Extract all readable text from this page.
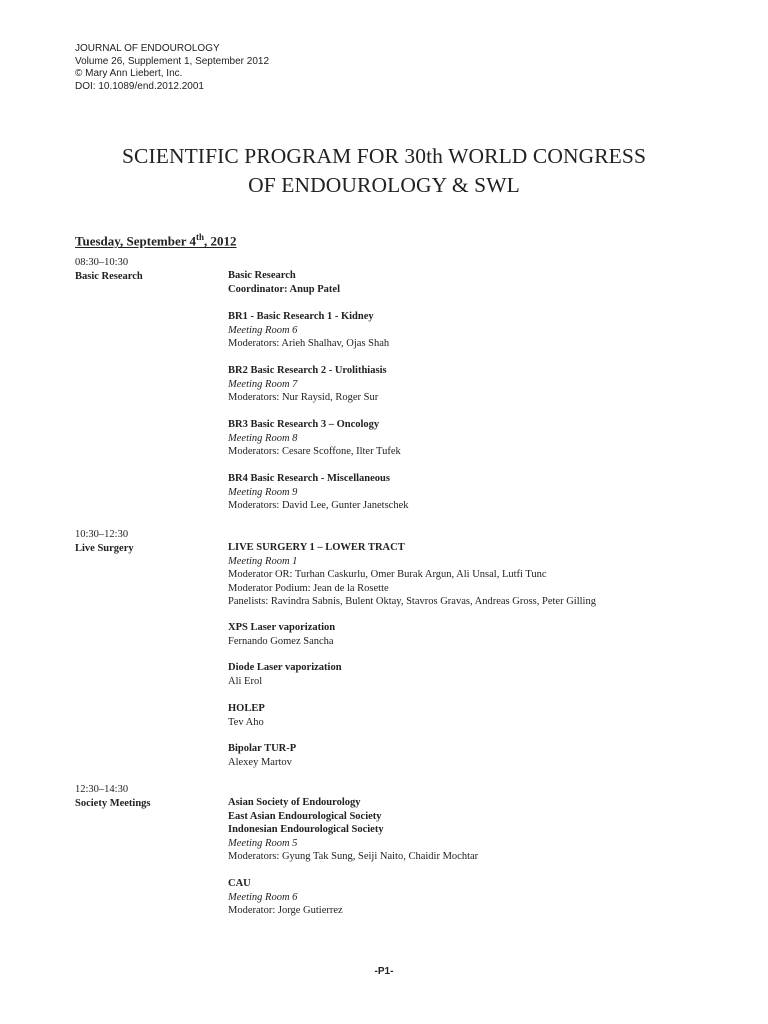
JOURNAL OF ENDOUROLOGY
Volume 26, Supplement 1, September 2012
© Mary Ann Liebert, Inc.
DOI: 10.1089/end.2012.2001
SCIENTIFIC PROGRAM FOR 30th WORLD CONGRESS
OF ENDOUROLOGY & SWL
Tuesday, September 4th, 2012
08:30–10:30
Basic Research	Basic Research
Coordinator: Anup Patel
BR1 - Basic Research 1 - Kidney
Meeting Room 6
Moderators: Arieh Shalhav, Ojas Shah
BR2 Basic Research 2 - Urolithiasis
Meeting Room 7
Moderators: Nur Raysid, Roger Sur
BR3 Basic Research 3 – Oncology
Meeting Room 8
Moderators: Cesare Scoffone, Ilter Tufek
BR4 Basic Research - Miscellaneous
Meeting Room 9
Moderators: David Lee, Gunter Janetschek
10:30–12:30
Live Surgery	LIVE SURGERY 1 – LOWER TRACT
Meeting Room 1
Moderator OR: Turhan Caskurlu, Omer Burak Argun, Ali Unsal, Lutfi Tunc
Moderator Podium: Jean de la Rosette
Panelists: Ravindra Sabnis, Bulent Oktay, Stavros Gravas, Andreas Gross, Peter Gilling
XPS Laser vaporization
Fernando Gomez Sancha
Diode Laser vaporization
Ali Erol
HOLEP
Tev Aho
Bipolar TUR-P
Alexey Martov
12:30–14:30
Society Meetings	Asian Society of Endourology
East Asian Endourological Society
Indonesian Endourological Society
Meeting Room 5
Moderators: Gyung Tak Sung, Seiji Naito, Chaidir Mochtar
CAU
Meeting Room 6
Moderator: Jorge Gutierrez
-P1-
